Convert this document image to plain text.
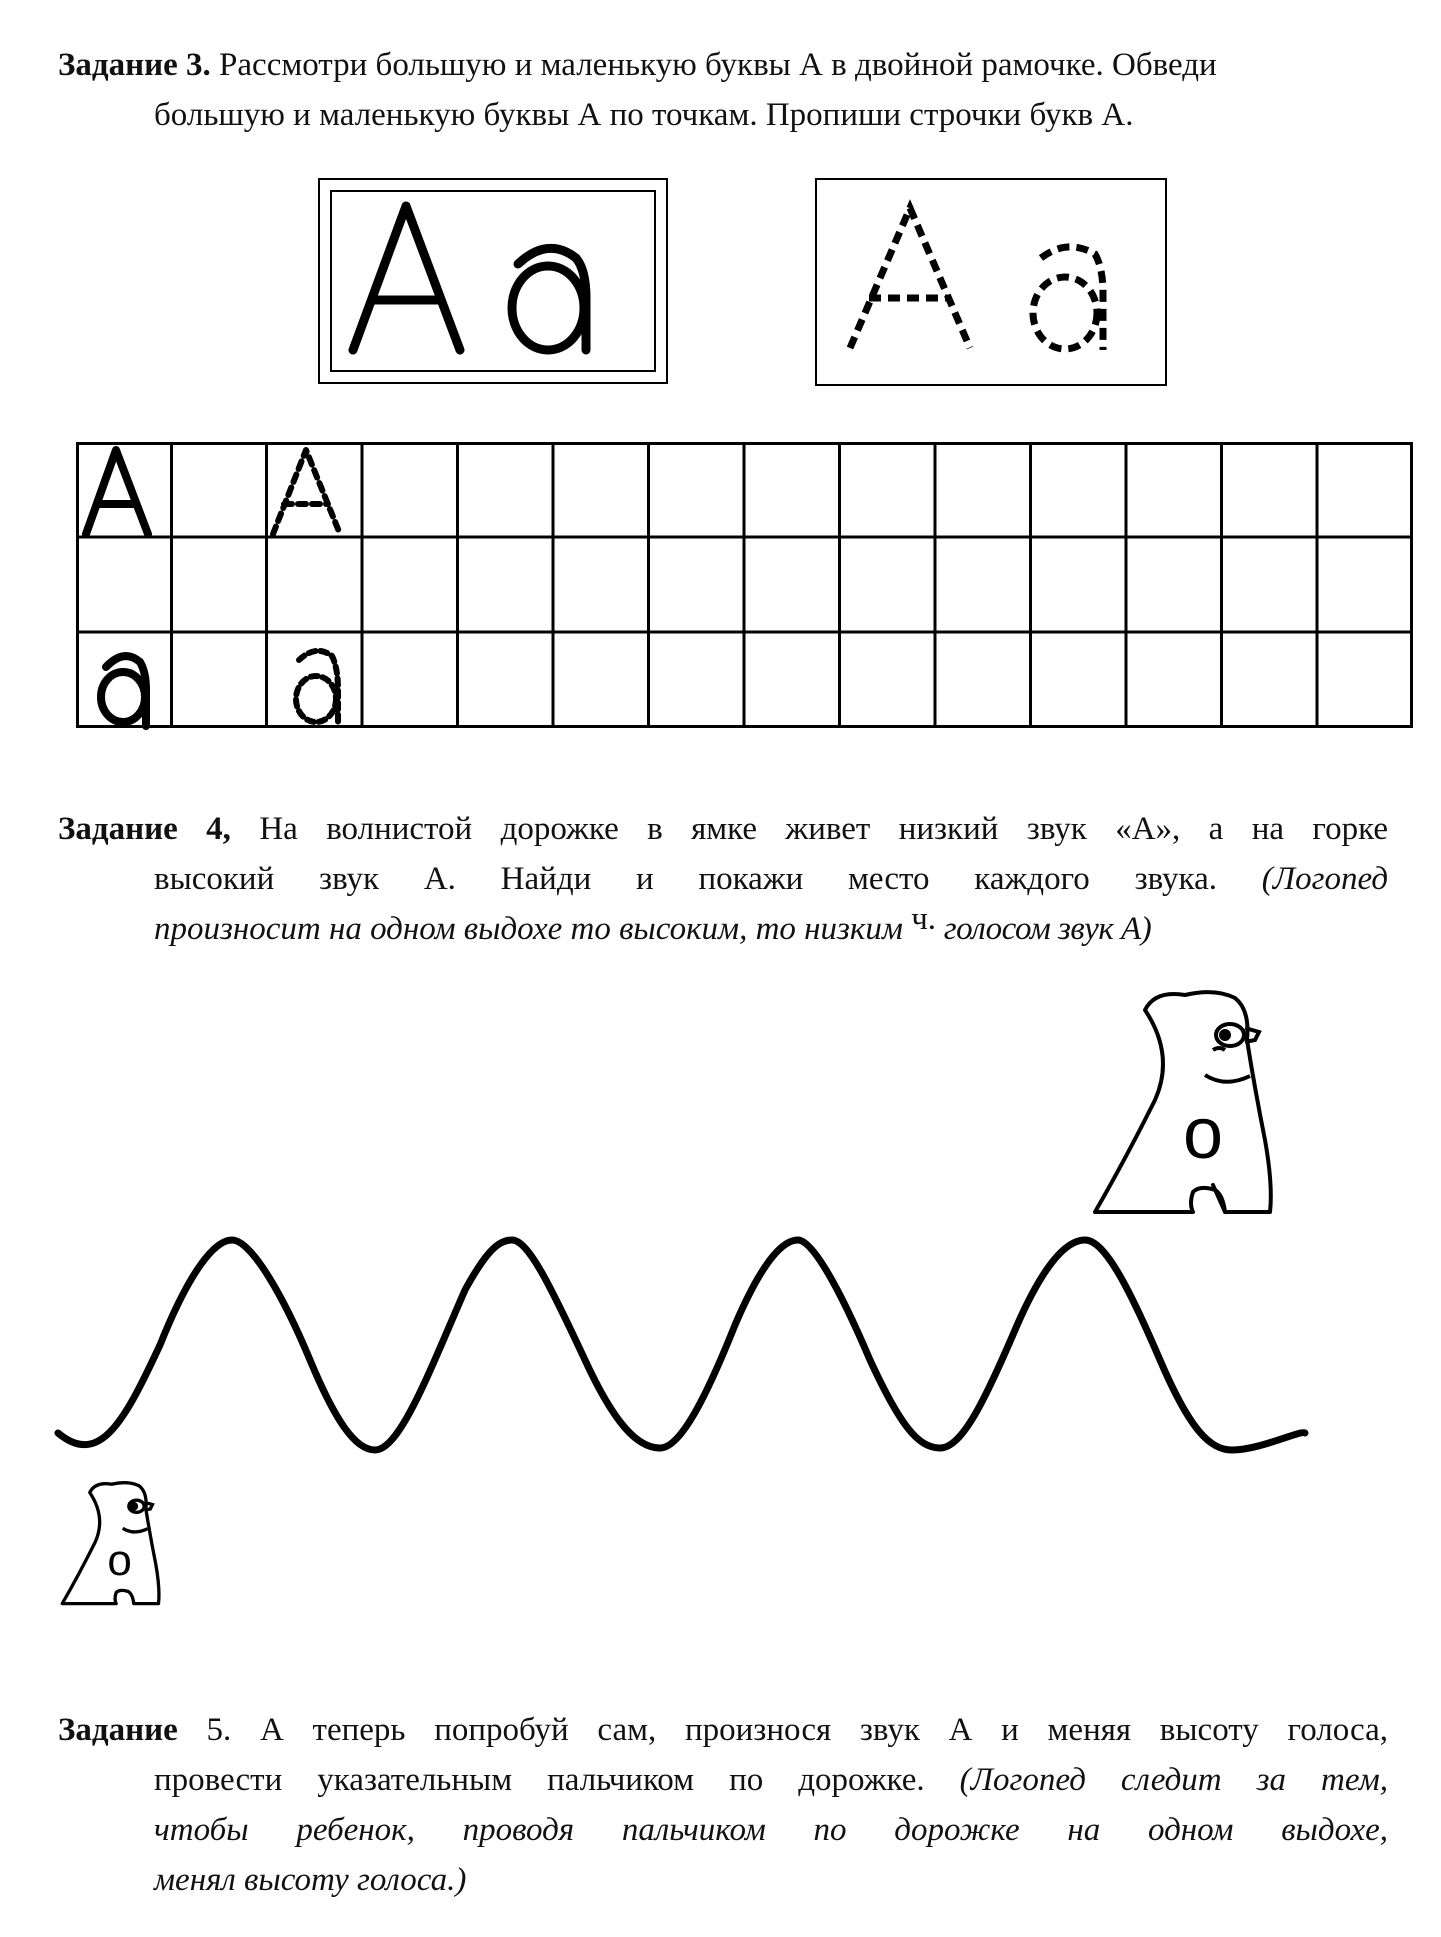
Задание 3. Рассмотри большую и маленькую буквы А в двойной рамочке. Обведи
большую и маленькую буквы А по точкам. Пропиши строчки букв А.
Задание 4, На волнистой дорожке в ямке живет низкий звук «А», а на горке
высокий звук А. Найди и покажи место каждого звука. (Логопед
произносит на одном выдохе то высоким, то низким ч. голосом звук А)
о
о
Задание 5. А теперь попробуй сам, произнося звук А и меняя высоту голоса,
провести указательным пальчиком по дорожке. (Логопед следит за тем,
чтобы ребенок, проводя пальчиком по дорожке на одном выдохе,
менял высоту голоса.)
